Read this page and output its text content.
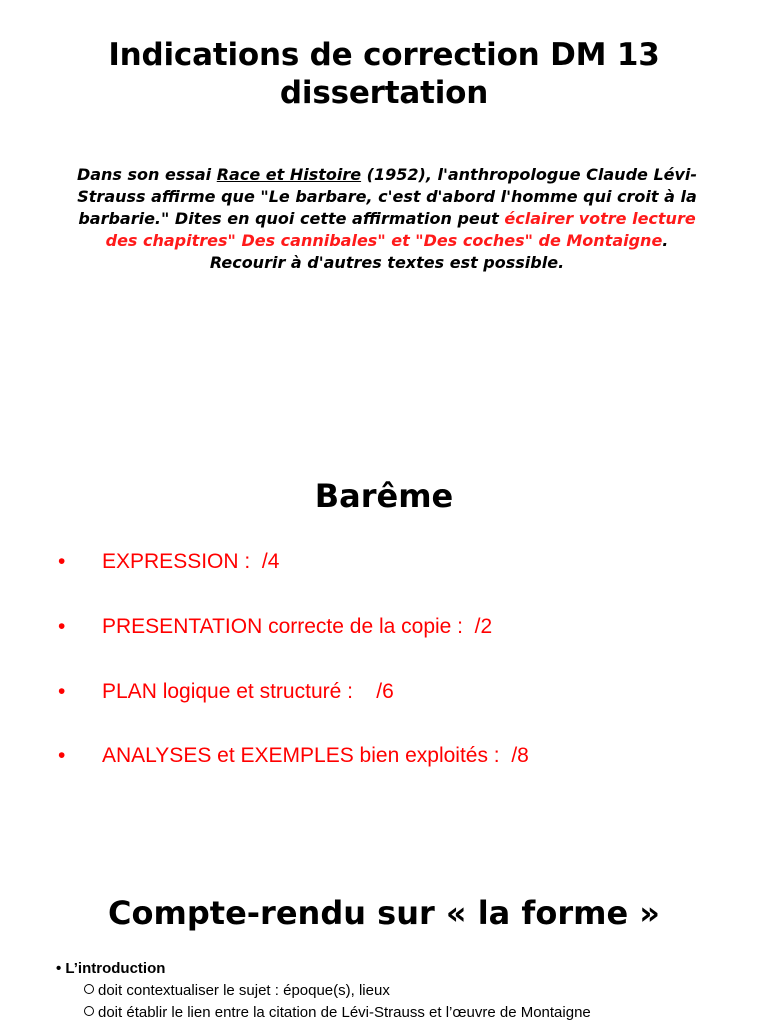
Indications de correction DM 13
dissertation
Dans son essai Race et Histoire (1952), l'anthropologue Claude Lévi-Strauss affirme que "Le barbare, c'est d'abord l'homme qui croit à la barbarie." Dites en quoi cette affirmation peut éclairer votre lecture des chapitres" Des cannibales" et "Des coches" de Montaigne. Recourir à d'autres textes est possible.
Barême
• EXPRESSION :  /4
• PRESENTATION correcte de la copie :  /2
• PLAN logique et structuré :    /6
• ANALYSES et EXEMPLES bien exploités :  /8
Compte-rendu sur « la forme »
• L’introduction
doit contextualiser le sujet : époque(s), lieux
doit établir le lien entre la citation de Lévi-Strauss et l’œuvre de Montaigne
